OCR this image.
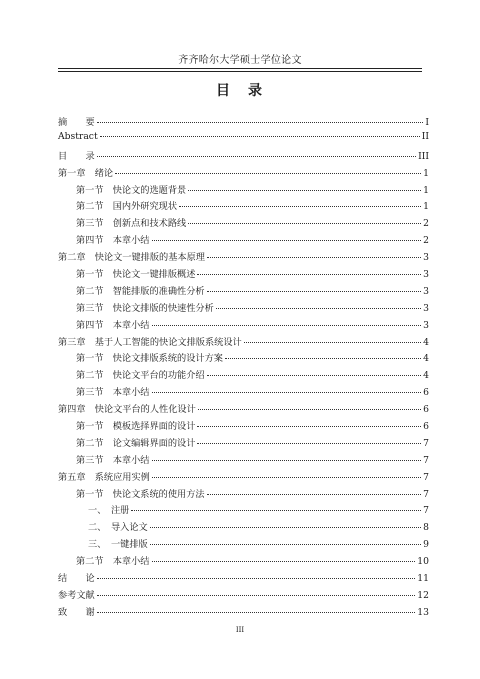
齐齐哈尔大学硕士学位论文
目　录
摘　　要	I
Abstract	II
目　　录	III
第一章　绪论	1
第一节　快论文的选题背景	1
第二节　国内外研究现状	1
第三节　创新点和技术路线	2
第四节　本章小结	2
第二章　快论文一键排版的基本原理	3
第一节　快论文一键排版概述	3
第二节　智能排版的准确性分析	3
第三节　快论文排版的快速性分析	3
第四节　本章小结	3
第三章　基于人工智能的快论文排版系统设计	4
第一节　快论文排版系统的设计方案	4
第二节　快论文平台的功能介绍	4
第三节　本章小结	6
第四章　快论文平台的人性化设计	6
第一节　模板选择界面的设计	6
第二节　论文编辑界面的设计	7
第三节　本章小结	7
第五章　系统应用实例	7
第一节　快论文系统的使用方法	7
一、　注册	7
二、　导入论文	8
三、　一键排版	9
第二节　本章小结	10
结　　论	11
参考文献	12
致　　谢	13
III
